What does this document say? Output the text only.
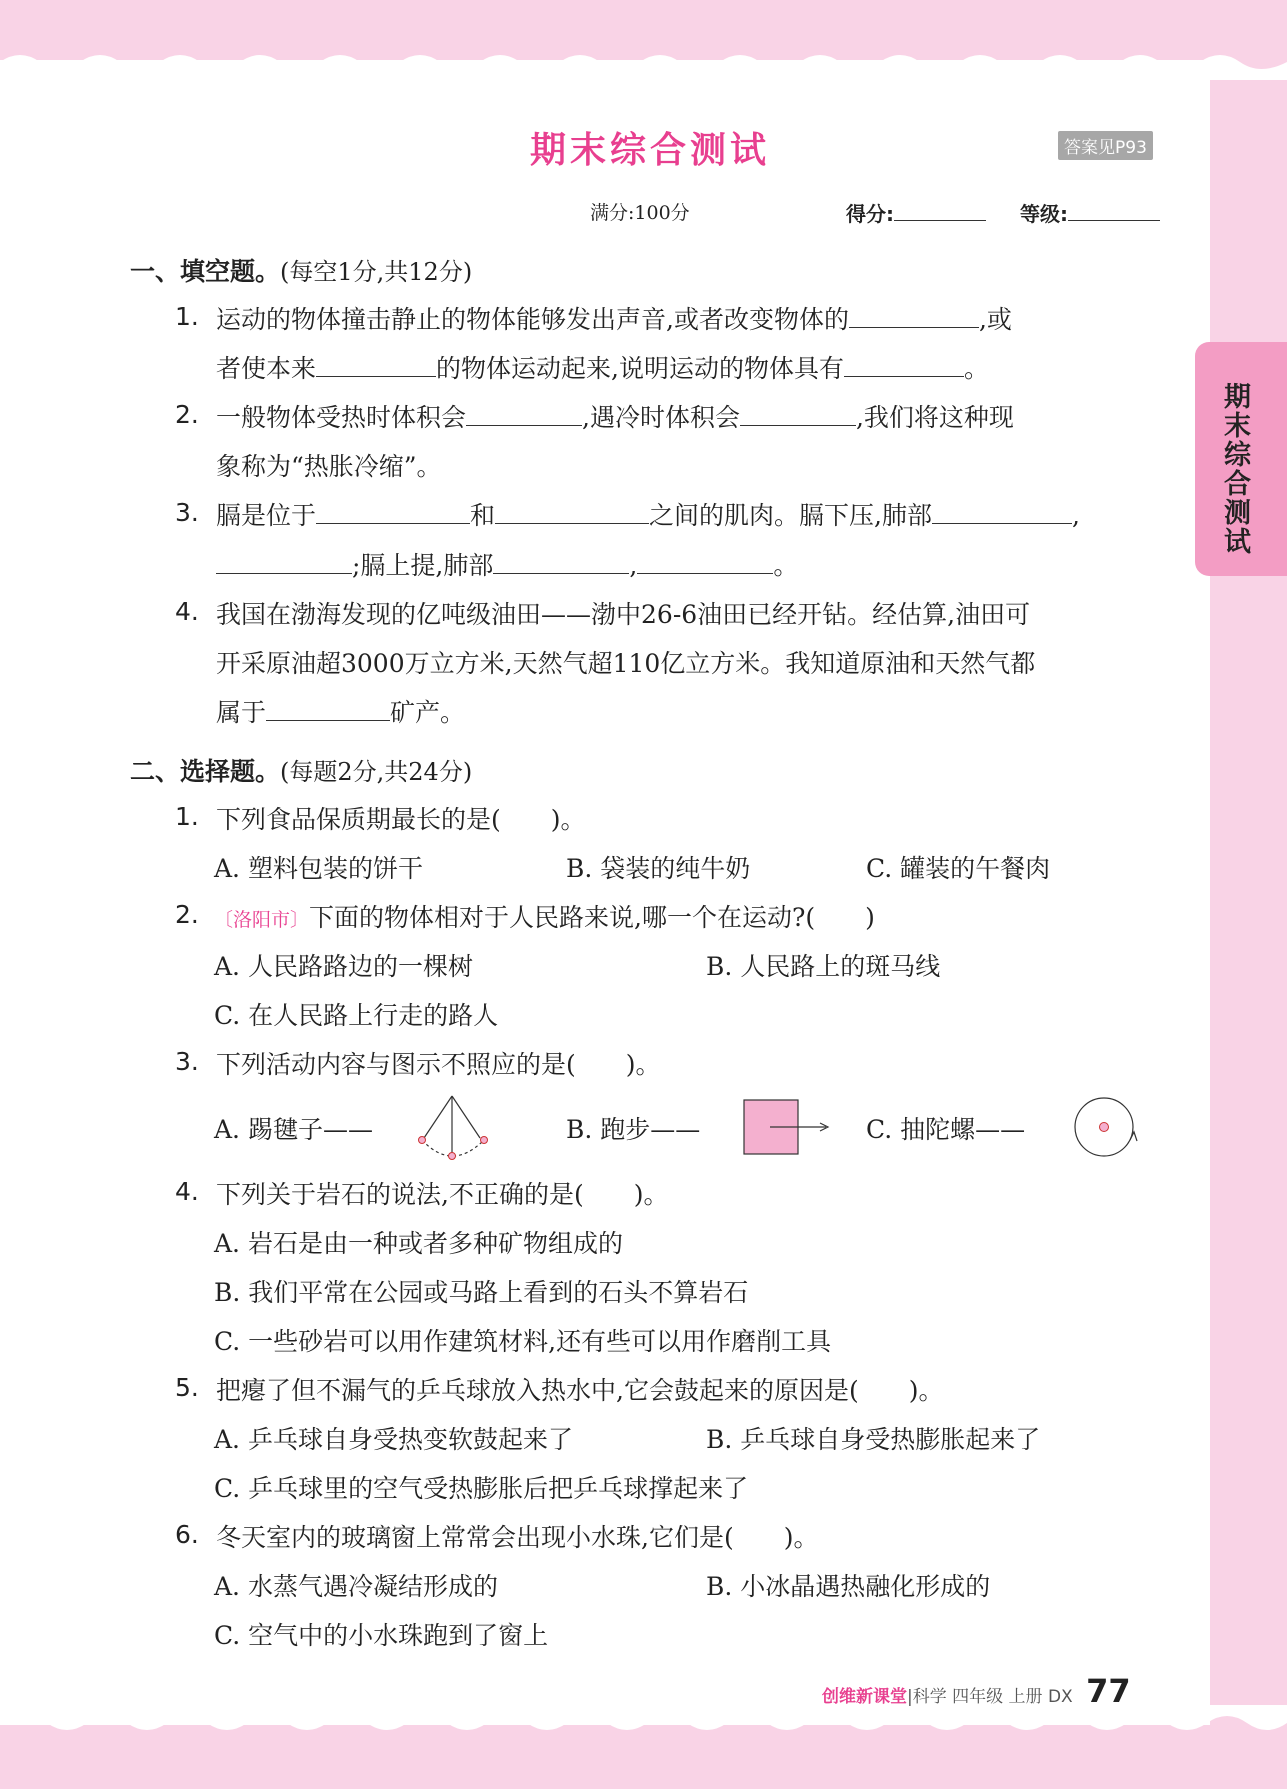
期末综合测试
期末综合测试	答案见P93
满分:100分	得分:	等级:
一、填空题。(每空1分,共12分)
1. 运动的物体撞击静止的物体能够发出声音,或者改变物体的	,或
者使本来	的物体运动起来,说明运动的物体具有	。
2. 一般物体受热时体积会	,遇冷时体积会	,我们将这种现
象称为“热胀冷缩”。
3. 膈是位于	和	之间的肌肉。膈下压,肺部	,
;膈上提,肺部	,	。
4. 我国在渤海发现的亿吨级油田——渤中26-6油田已经开钻。经估算,油田可
开采原油超3000万立方米,天然气超110亿立方米。我知道原油和天然气都
属于	矿产。
二、选择题。(每题2分,共24分)
1. 下列食品保质期最长的是(　　)。
A. 塑料包装的饼干	B. 袋装的纯牛奶	C. 罐装的午餐肉
2. 〔洛阳市〕下面的物体相对于人民路来说,哪一个在运动?(　　)
A. 人民路路边的一棵树	B. 人民路上的斑马线
C. 在人民路上行走的路人
3. 下列活动内容与图示不照应的是(　　)。
A. 踢毽子——	B. 跑步——	C. 抽陀螺——
4. 下列关于岩石的说法,不正确的是(　　)。
A. 岩石是由一种或者多种矿物组成的
B. 我们平常在公园或马路上看到的石头不算岩石
C. 一些砂岩可以用作建筑材料,还有些可以用作磨削工具
5. 把瘪了但不漏气的乒乓球放入热水中,它会鼓起来的原因是(　　)。
A. 乒乓球自身受热变软鼓起来了	B. 乒乓球自身受热膨胀起来了
C. 乒乓球里的空气受热膨胀后把乒乓球撑起来了
6. 冬天室内的玻璃窗上常常会出现小水珠,它们是(　　)。
A. 水蒸气遇冷凝结形成的	B. 小冰晶遇热融化形成的
C. 空气中的小水珠跑到了窗上
创维新课堂|科学 四年级 上册 DX 77
